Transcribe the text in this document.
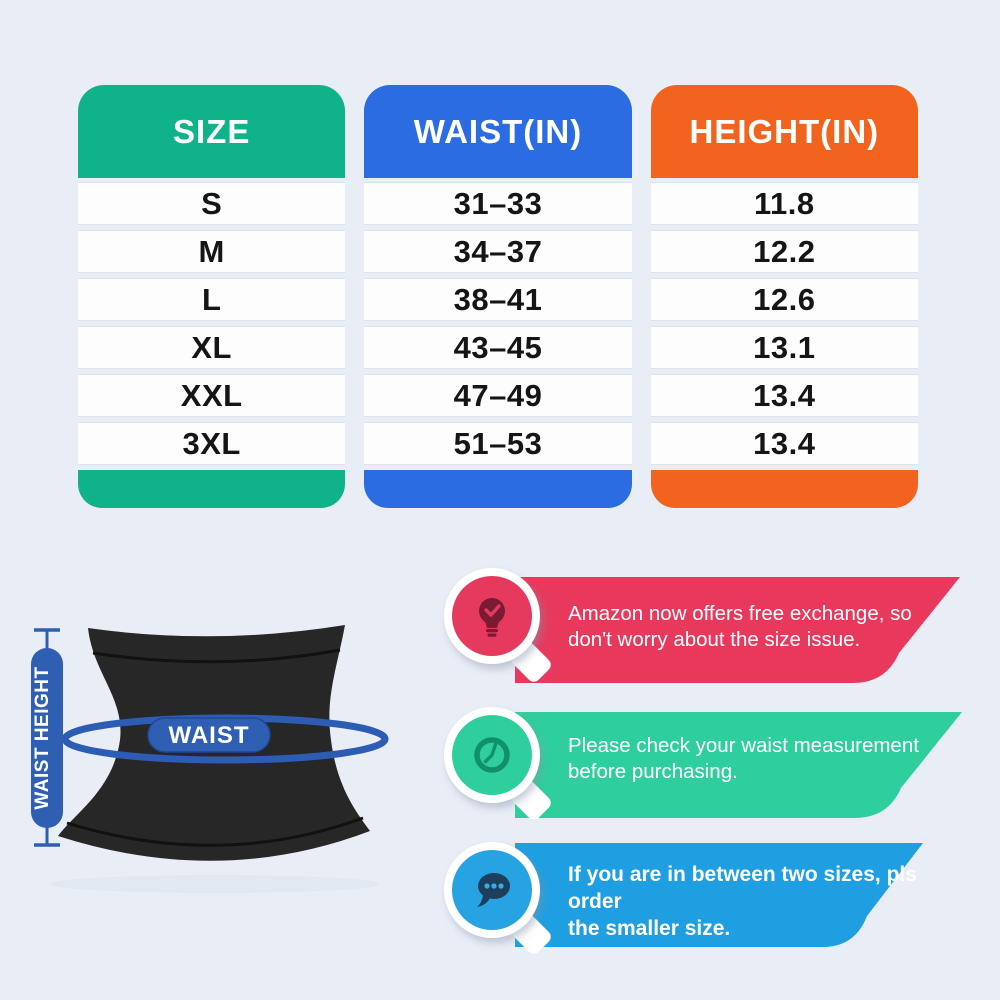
SIZE
S
M
L
XL
XXL
3XL
WAIST(IN)
31–33
34–37
38–41
43–45
47–49
51–53
HEIGHT(IN)
11.8
12.2
12.6
13.1
13.4
13.4
WAIST
WAIST HEIGHT
Amazon now offers free exchange, so
don't worry about the size issue.
Please check your waist measurement
before purchasing.
If you are in between two sizes, pls order
the smaller size.
